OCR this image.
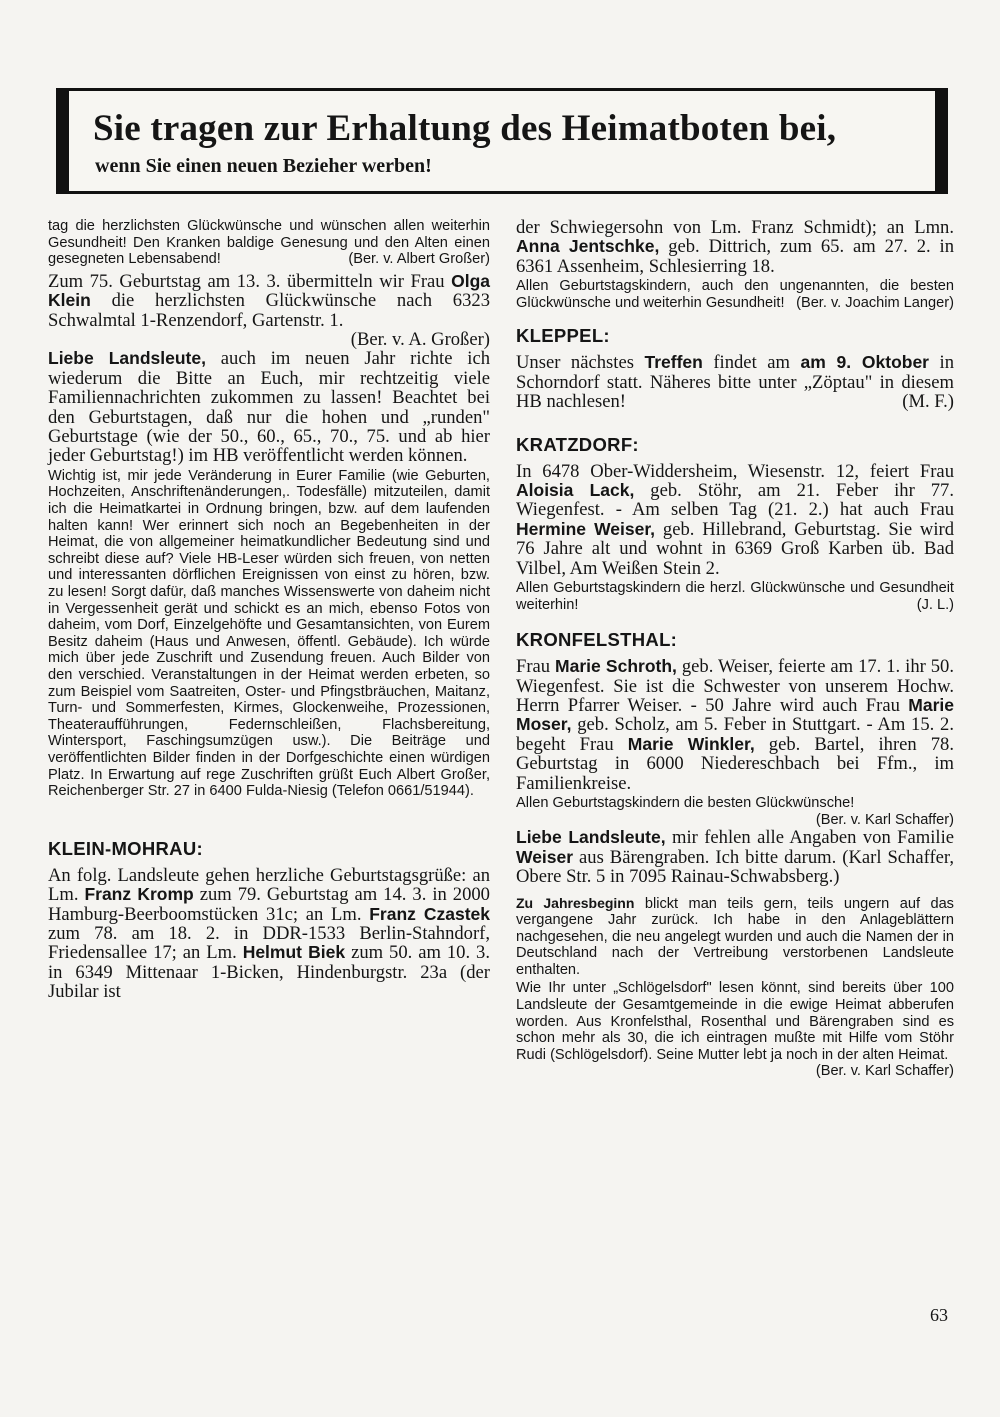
Sie tragen zur Erhaltung des Heimatboten bei,
wenn Sie einen neuen Bezieher werben!

tag die herzlichsten Glückwünsche und wünschen allen weiterhin Gesundheit! Den Kranken baldige Genesung und den Alten einen gesegneten Lebensabend!	(Ber. v. Albert Großer)

Zum 75. Geburtstag am 13. 3. übermitteln wir Frau Olga Klein die herzlichsten Glückwünsche nach 6323 Schwalmtal 1-Renzendorf, Gartenstr. 1.
(Ber. v. A. Großer)

Liebe Landsleute, auch im neuen Jahr richte ich wiederum die Bitte an Euch, mir rechtzeitig viele Familiennachrichten zukommen zu lassen! Beachtet bei den Geburtstagen, daß nur die hohen und „runden" Geburtstage (wie der 50., 60., 65., 70., 75. und ab hier jeder Geburtstag!) im HB veröffentlicht werden können.

Wichtig ist, mir jede Veränderung in Eurer Familie (wie Geburten, Hochzeiten, Anschriftenänderungen,. Todesfälle) mitzuteilen, damit ich die Heimatkartei in Ordnung bringen, bzw. auf dem laufenden halten kann! Wer erinnert sich noch an Begebenheiten in der Heimat, die von allgemeiner heimatkundlicher Bedeutung sind und schreibt diese auf? Viele HB-Leser würden sich freuen, von netten und interessanten dörflichen Ereignissen von einst zu hören, bzw. zu lesen! Sorgt dafür, daß manches Wissenswerte von daheim nicht in Vergessenheit gerät und schickt es an mich, ebenso Fotos von daheim, vom Dorf, Einzelgehöfte und Gesamtansichten, von Eurem Besitz daheim (Haus und Anwesen, öffentl. Gebäude). Ich würde mich über jede Zuschrift und Zusendung freuen. Auch Bilder von den verschied. Veranstaltungen in der Heimat werden erbeten, so zum Beispiel vom Saatreiten, Oster- und Pfingstbräuchen, Maitanz, Turn- und Sommerfesten, Kirmes, Glockenweihe, Prozessionen, Theateraufführungen, Federnschleißen, Flachsbereitung, Wintersport, Faschingsumzügen usw.). Die Beiträge und veröffentlichten Bilder finden in der Dorfgeschichte einen würdigen Platz. In Erwartung auf rege Zuschriften grüßt Euch Albert Großer, Reichenberger Str. 27 in 6400 Fulda-Niesig (Telefon 0661/51944).

KLEIN-MOHRAU:

An folg. Landsleute gehen herzliche Geburtstagsgrüße: an Lm. Franz Kromp zum 79. Geburtstag am 14. 3. in 2000 Hamburg-Beerboomstücken 31c; an Lm. Franz Czastek zum 78. am 18. 2. in DDR-1533 Berlin-Stahndorf, Friedensallee 17; an Lm. Helmut Biek zum 50. am 10. 3. in 6349 Mittenaar 1-Bicken, Hindenburgstr. 23a (der Jubilar ist

der Schwiegersohn von Lm. Franz Schmidt); an Lmn. Anna Jentschke, geb. Dittrich, zum 65. am 27. 2. in 6361 Assenheim, Schlesierring 18.

Allen Geburtstagskindern, auch den ungenannten, die besten Glückwünsche und weiterhin Gesundheit! (Ber. v. Joachim Langer)

KLEPPEL:

Unser nächstes Treffen findet am am 9. Oktober in Schorndorf statt. Näheres bitte unter „Zöptau" in diesem HB nachlesen!	(M. F.)

KRATZDORF:

In 6478 Ober-Widdersheim, Wiesenstr. 12, feiert Frau Aloisia Lack, geb. Stöhr, am 21. Feber ihr 77. Wiegenfest. - Am selben Tag (21. 2.) hat auch Frau Hermine Weiser, geb. Hillebrand, Geburtstag. Sie wird 76 Jahre alt und wohnt in 6369 Groß Karben üb. Bad Vilbel, Am Weißen Stein 2.

Allen Geburtstagskindern die herzl. Glückwünsche und Gesundheit weiterhin!	(J. L.)

KRONFELSTHAL:

Frau Marie Schroth, geb. Weiser, feierte am 17. 1. ihr 50. Wiegenfest. Sie ist die Schwester von unserem Hochw. Herrn Pfarrer Weiser. - 50 Jahre wird auch Frau Marie Moser, geb. Scholz, am 5. Feber in Stuttgart. - Am 15. 2. begeht Frau Marie Winkler, geb. Bartel, ihren 78. Geburtstag in 6000 Niedereschbach bei Ffm., im Familienkreise.

Allen Geburtstagskindern die besten Glückwünsche!
(Ber. v. Karl Schaffer)

Liebe Landsleute, mir fehlen alle Angaben von Familie Weiser aus Bärengraben. Ich bitte darum. (Karl Schaffer, Obere Str. 5 in 7095 Rainau-Schwabsberg.)

Zu Jahresbeginn blickt man teils gern, teils ungern auf das vergangene Jahr zurück. Ich habe in den Anlageblättern nachgesehen, die neu angelegt wurden und auch die Namen der in Deutschland nach der Vertreibung verstorbenen Landsleute enthalten.

Wie Ihr unter „Schlögelsdorf" lesen könnt, sind bereits über 100 Landsleute der Gesamtgemeinde in die ewige Heimat abberufen worden. Aus Kronfelsthal, Rosenthal und Bärengraben sind es schon mehr als 30, die ich eintragen mußte mit Hilfe vom Stöhr Rudi (Schlögelsdorf). Seine Mutter lebt ja noch in der alten Heimat.
(Ber. v. Karl Schaffer)

63
